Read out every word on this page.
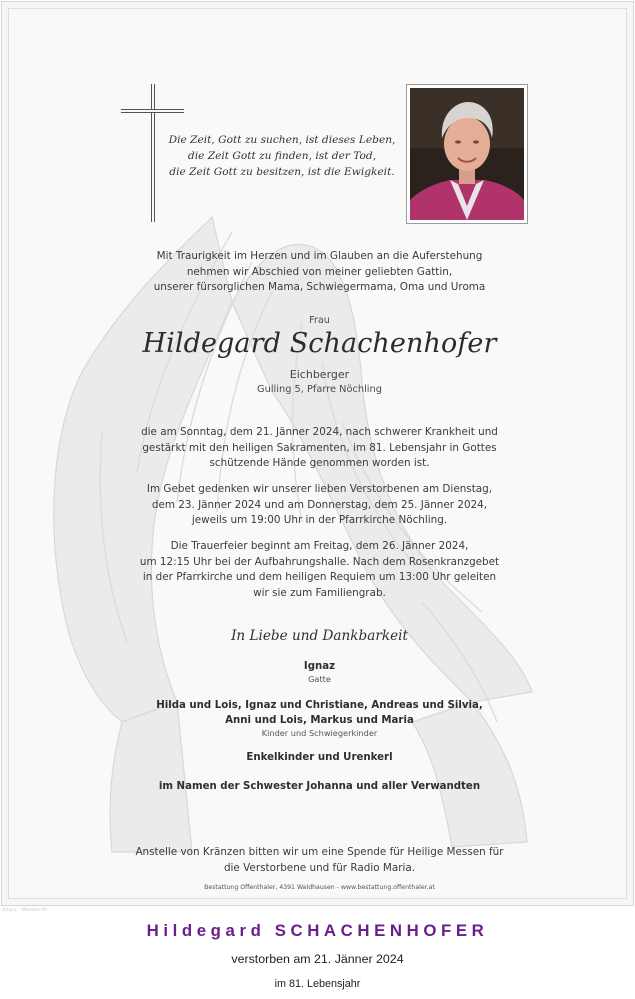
Die Zeit, Gott zu suchen, ist dieses Leben,
die Zeit Gott zu finden, ist der Tod,
die Zeit Gott zu besitzen, ist die Ewigkeit.
Mit Traurigkeit im Herzen und im Glauben an die Auferstehung
nehmen wir Abschied von meiner geliebten Gattin,
unserer fürsorglichen Mama, Schwiegermama, Oma und Uroma
Frau
Hildegard Schachenhofer
Eichberger
Gulling 5, Pfarre Nöchling
die am Sonntag, dem 21. Jänner 2024, nach schwerer Krankheit und
gestärkt mit den heiligen Sakramenten, im 81. Lebensjahr in Gottes
schützende Hände genommen worden ist.
Im Gebet gedenken wir unserer lieben Verstorbenen am Dienstag,
dem 23. Jänner 2024 und am Donnerstag, dem 25. Jänner 2024,
jeweils um 19:00 Uhr in der Pfarrkirche Nöchling.
Die Trauerfeier beginnt am Freitag, dem 26. Jänner 2024,
um 12:15 Uhr bei der Aufbahrungshalle. Nach dem Rosenkranzgebet
in der Pfarrkirche und dem heiligen Requiem um 13:00 Uhr geleiten
wir sie zum Familiengrab.
In Liebe und Dankbarkeit
Ignaz
Gatte
Hilda und Lois, Ignaz und Christiane, Andreas und Silvia,
Anni und Lois, Markus und Maria
Kinder und Schwiegerkinder
Enkelkinder und Urenkerl
im Namen der Schwester Johanna und aller Verwandten
Anstelle von Kränzen bitten wir um eine Spende für Heilige Messen für
die Verstorbene und für Radio Maria.
Bestattung Offenthaler, 4391 Waldhausen - www.bestattung.offenthaler.at
Artgru – Modelle 00
Hildegard SCHACHENHOFER
verstorben am 21. Jänner 2024
im 81. Lebensjahr
